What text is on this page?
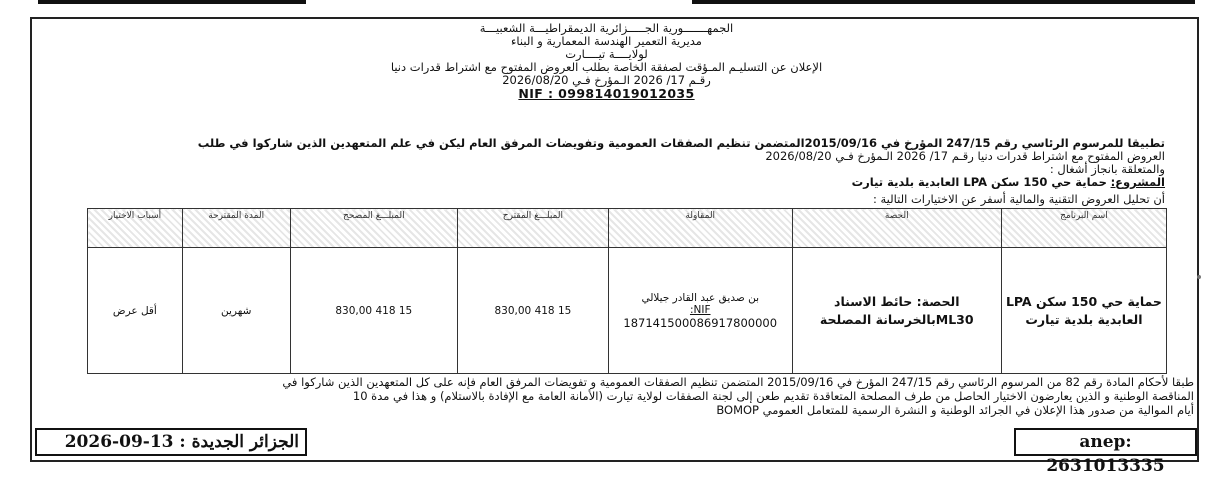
الجمهـــــــورية الجـــــزائرية الديمقراطيـــة الشعبيـــة
مديرية التعمير الهندسة المعمارية و البناء
لولايــــة تيــــارت
الإعلان عن التسليـم المـؤقت لصفقة الخاصة بطلب العروض المفتوح مع اشتراط قدرات دنيا
رقـم 17/ 2026 الـمؤرخ فـي 2026/08/20
NIF : 099814019012035
تطبيقا للمرسوم الرئاسي رقم 247/15 المؤرخ في 2015/09/16المتضمن تنظيم الصفقات العمومية وتفويضات المرفق العام ليكن في علم المتعهدين الذين شاركوا في طلب
العروض المفتوح مع اشتراط قدرات دنيا رقـم 17/ 2026 الـمؤرخ فـي 2026/08/20
والمتعلقة بانجاز أشغال :
المشروع: حماية حي 150 سكن LPA العابدية بلدية تيارت
أن تحليل العروض التقنية والمالية أسفر عن الاختيارات التالية :
اسم البرنامج	الحصة	المقاولة	المبلـــغ المقترح	المبلـــغ المصحح	المدة المقترحة	أسباب الاختيار
حماية حي 150 سكن LPA العابدية بلدية تيارت	الحصة: حائط الاسناد ML30بالخرسانة المصلحة	بن صديق عبد القادر جيلالي
NIF:
187141500086917800000	15 418 830,00	15 418 830,00	شهرين	أقل عرض
طبقا لأحكام المادة رقم 82 من المرسوم الرئاسي رقم 247/15 المؤرخ في 2015/09/16 المتضمن تنظيم الصفقات العمومية و تفويضات المرفق العام فإنه على كل المتعهدين الذين شاركوا في
المناقصة الوطنية و الذين يعارضون الاختيار الحاصل من طرف المصلحة المتعاقدة تقديم طعن إلى لجنة الصفقات لولاية تيارت (الأمانة العامة مع الإفادة بالاستلام) و هذا في مدة 10
أيام الموالية من صدور هذا الإعلان في الجرائد الوطنية و النشرة الرسمية للمتعامل العمومي BOMOP
الجزائر الجديدة : 13-09-2026	anep: 2631013335
